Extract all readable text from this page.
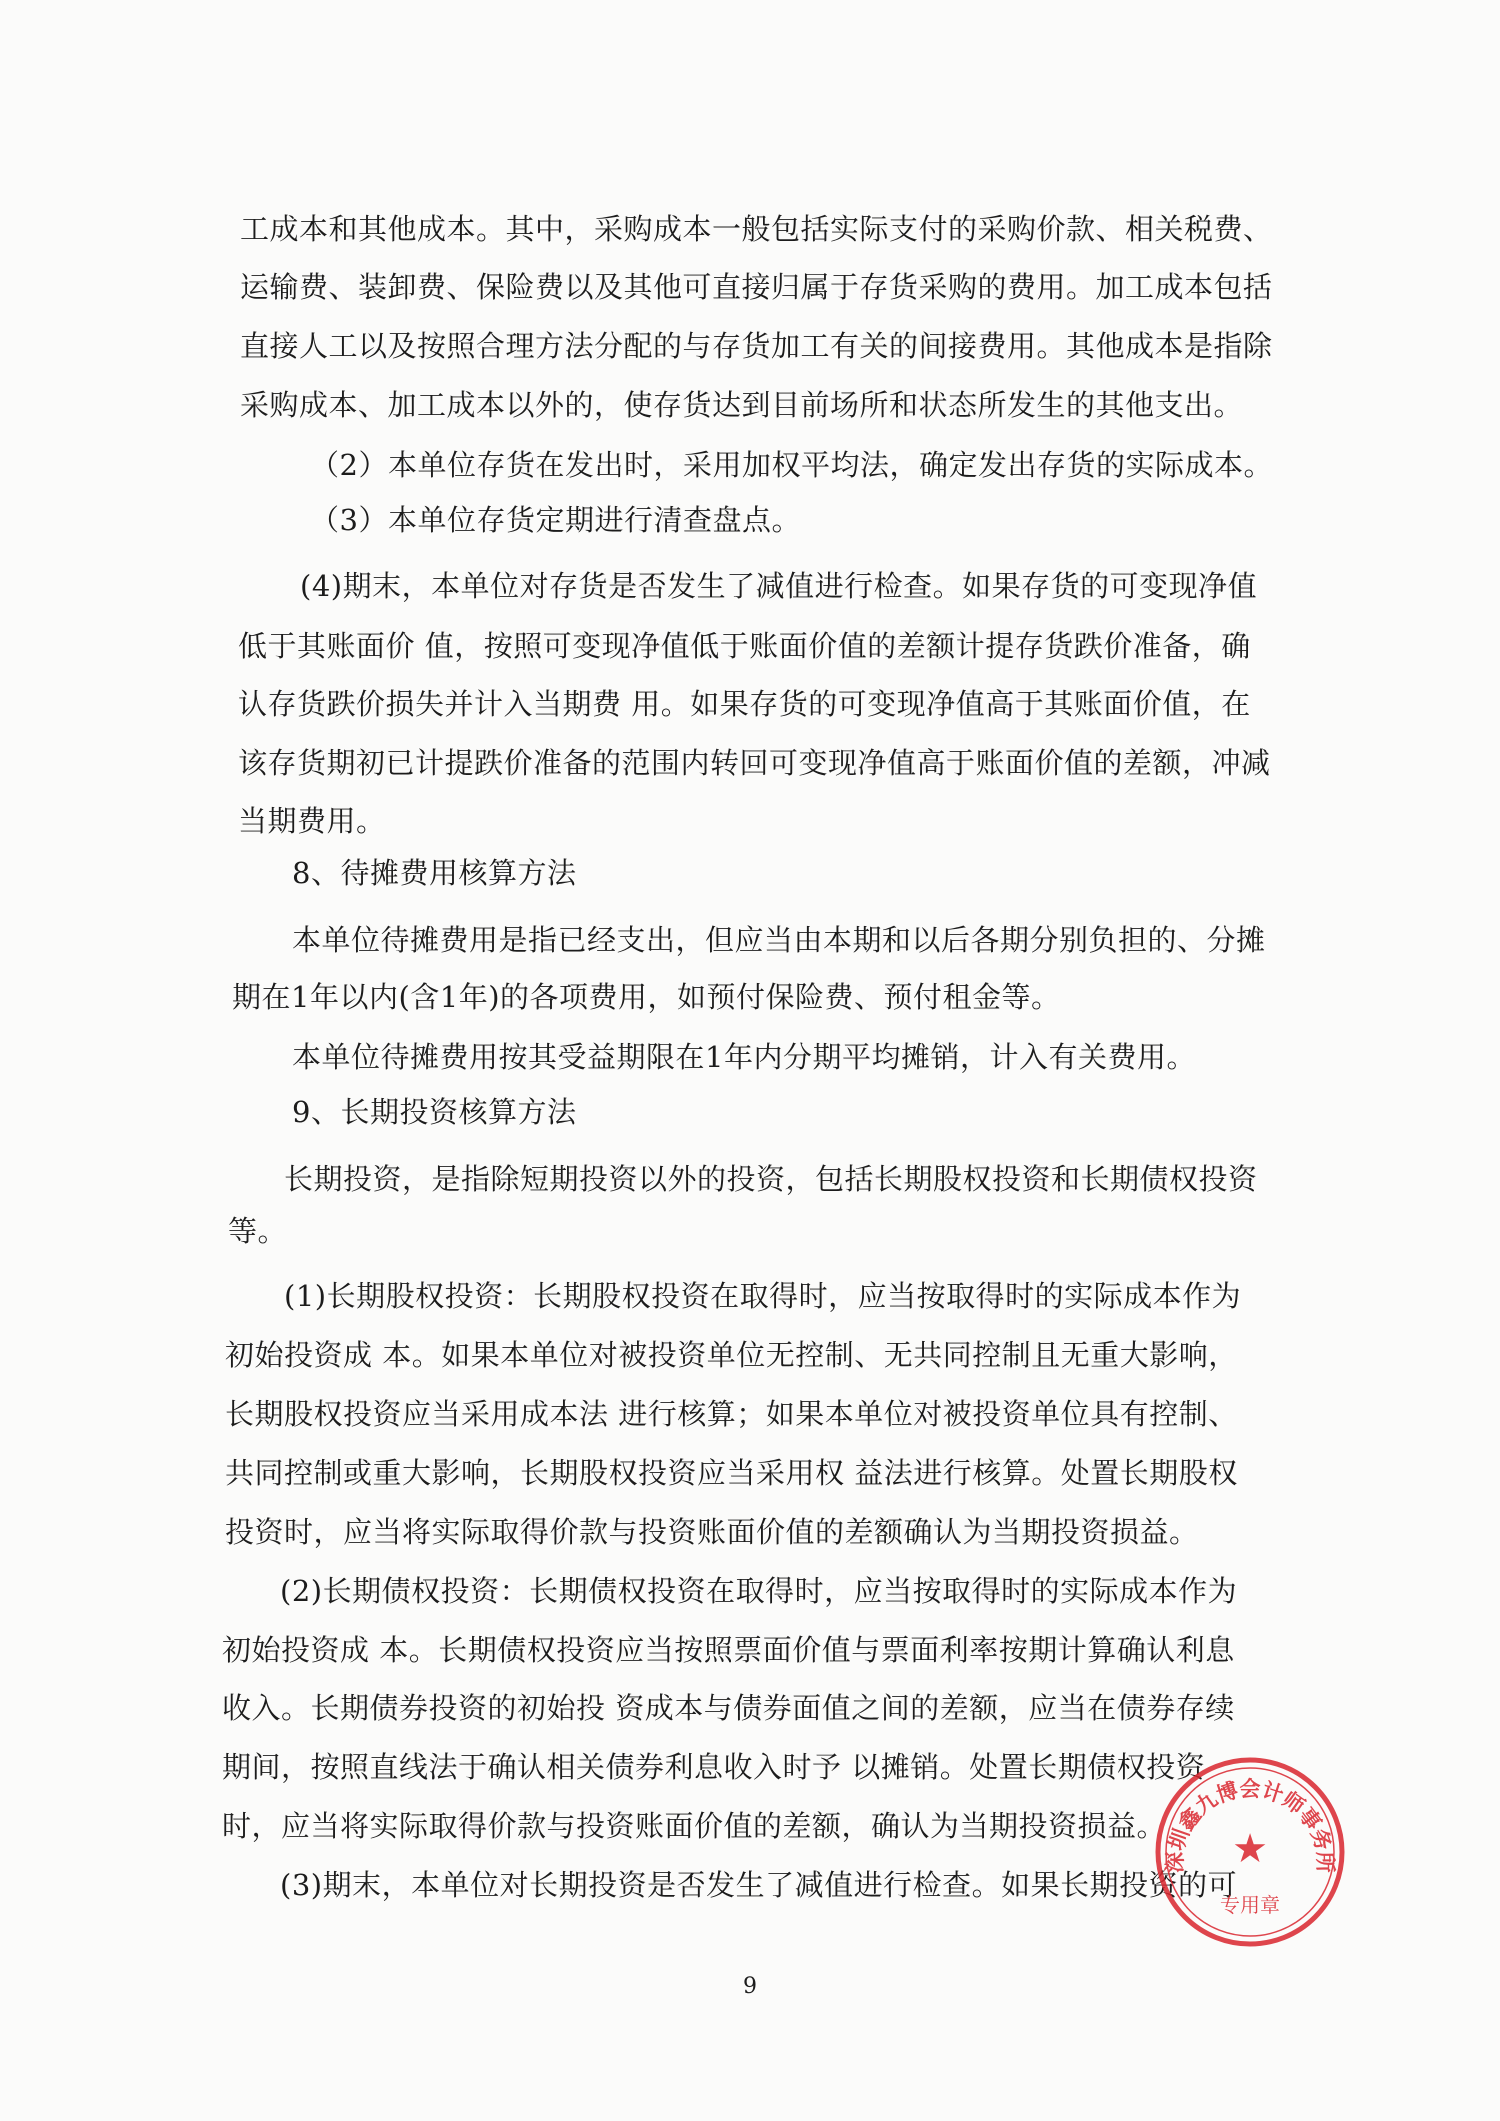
工成本和其他成本。其中，采购成本一般包括实际支付的采购价款、相关税费、
运输费、装卸费、保险费以及其他可直接归属于存货采购的费用。加工成本包括
直接人工以及按照合理方法分配的与存货加工有关的间接费用。其他成本是指除
采购成本、加工成本以外的，使存货达到目前场所和状态所发生的其他支出。
（2）本单位存货在发出时，采用加权平均法，确定发出存货的实际成本。
（3）本单位存货定期进行清查盘点。
(4)期末，本单位对存货是否发生了减值进行检查。如果存货的可变现净值
低于其账面价 值，按照可变现净值低于账面价值的差额计提存货跌价准备，确
认存货跌价损失并计入当期费 用。如果存货的可变现净值高于其账面价值，在
该存货期初已计提跌价准备的范围内转回可变现净值高于账面价值的差额，冲减
当期费用。
8、待摊费用核算方法
本单位待摊费用是指已经支出，但应当由本期和以后各期分别负担的、分摊
期在1年以内(含1年)的各项费用，如预付保险费、预付租金等。
本单位待摊费用按其受益期限在1年内分期平均摊销，计入有关费用。
9、长期投资核算方法
长期投资，是指除短期投资以外的投资，包括长期股权投资和长期债权投资
等。
(1)长期股权投资：长期股权投资在取得时，应当按取得时的实际成本作为
初始投资成 本。如果本单位对被投资单位无控制、无共同控制且无重大影响，
长期股权投资应当采用成本法 进行核算；如果本单位对被投资单位具有控制、
共同控制或重大影响，长期股权投资应当采用权 益法进行核算。处置长期股权
投资时，应当将实际取得价款与投资账面价值的差额确认为当期投资损益。
(2)长期债权投资：长期债权投资在取得时，应当按取得时的实际成本作为
初始投资成 本。长期债权投资应当按照票面价值与票面利率按期计算确认利息
收入。长期债券投资的初始投 资成本与债券面值之间的差额，应当在债券存续
期间，按照直线法于确认相关债券利息收入时予 以摊销。处置长期债权投资
时，应当将实际取得价款与投资账面价值的差额，确认为当期投资损益。
(3)期末，本单位对长期投资是否发生了减值进行检查。如果长期投资的可
9
深圳鑫九博会计师事务所
★
专用章
